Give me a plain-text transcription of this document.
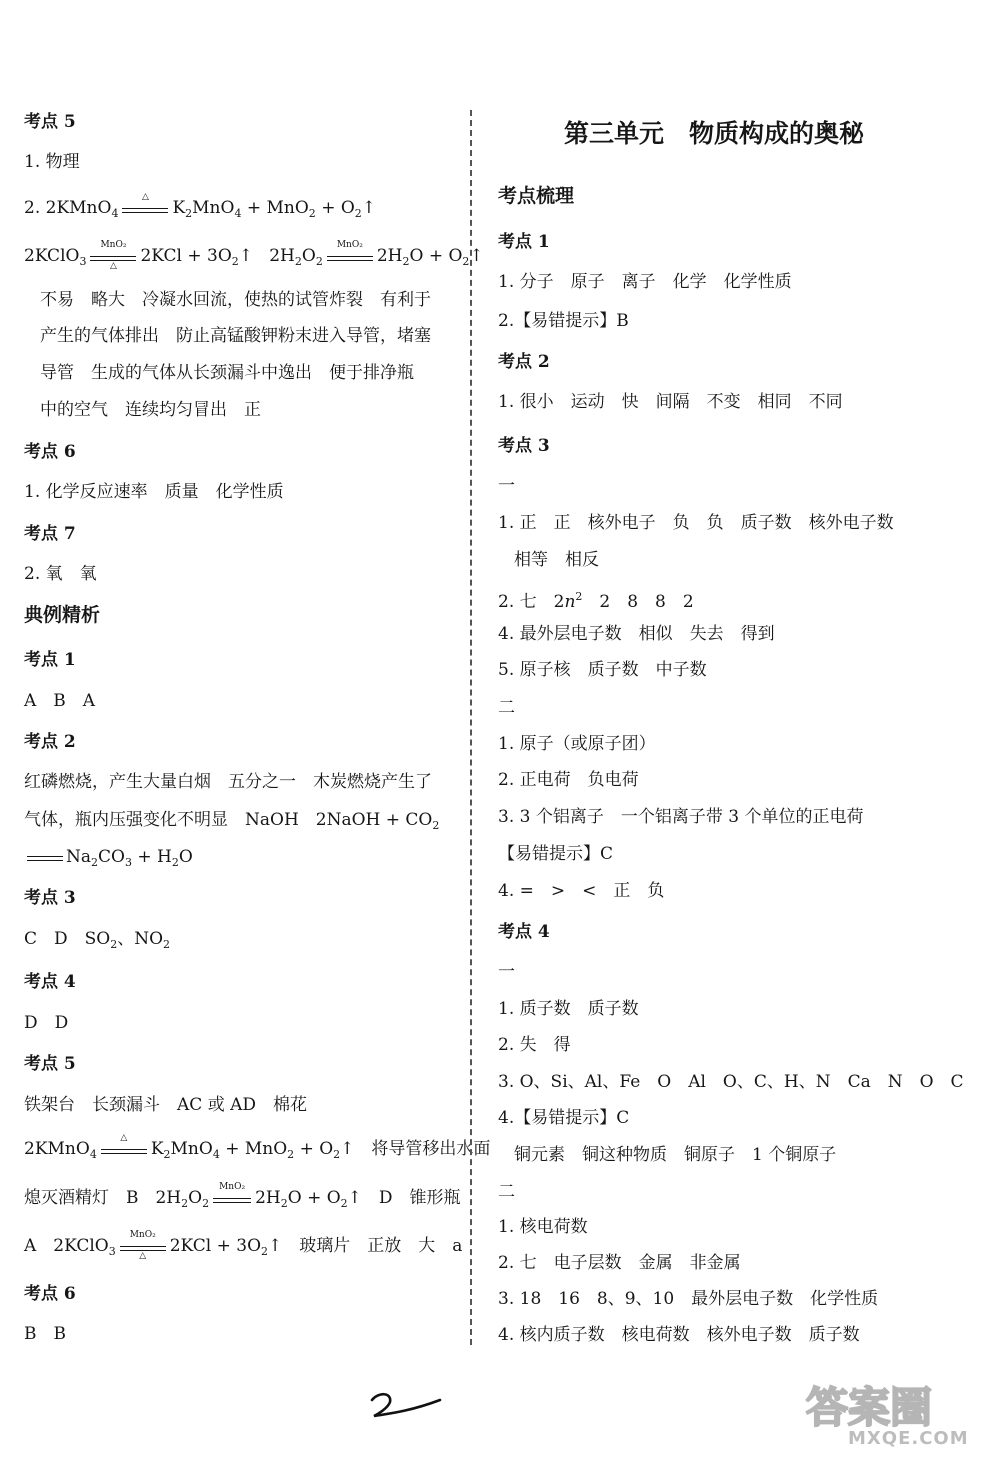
考点 5
1. 物理
2. 2KMnO$_4$
△
$K_2MnO_4 + MnO_2$ + $O_2↑$
2KClO$_3$
MnO₂
△	$2KCl + 3O_2↑$ $2H_2O_2$
MnO₂
$2H_2O$ + $O_2↑$
不易　略大　冷凝水回流，使热的试管炸裂　有利于
产生的气体排出　防止高锰酸钾粉末进入导管，堵塞
导管　生成的气体从长颈漏斗中逸出　便于排净瓶
中的空气　连续均匀冒出　正
考点 6
1. 化学反应速率　质量　化学性质
考点 7
2. 氧　氧
典例精析
考点 1
A　B　A
考点 2
红磷燃烧，产生大量白烟　五分之一　木炭燃烧产生了
气体，瓶内压强变化不明显　NaOH　2NaOH + $CO_2$
$Na_2CO_3 + H_2O$
考点 3
C　D　$SO_2$、$NO_2$
考点 4
D　D
考点 5
铁架台　长颈漏斗　AC 或 AD　棉花
2KMnO$_4$
△
$K_2MnO_4 + MnO_2$ + $O_2↑$　将导管移出水面
熄灭酒精灯　B　$2H_2O_2$
MnO₂
$2H_2O$ + $O_2↑$　D　锥形瓶
A　2KClO$_3$
MnO₂
△	$2KCl + 3O_2↑$　玻璃片　正放　大　a
考点 6
B　B
第三单元　物质构成的奥秘
考点梳理
考点 1
1. 分子　原子　离子　化学　化学性质
2.【易错提示】B
考点 2
1. 很小　运动　快　间隔　不变　相同　不同
考点 3
一
1. 正　正　核外电子　负　负　质子数　核外电子数
相等　相反
2. 七　$2n^2$　2　8　8　2
4. 最外层电子数　相似　失去　得到
5. 原子核　质子数　中子数
二
1. 原子（或原子团）
2. 正电荷　负电荷
3. 3 个铝离子　一个铝离子带 3 个单位的正电荷
【易错提示】C
4. =　>　<　正　负
考点 4
一
1. 质子数　质子数
2. 失　得
3. O、Si、Al、Fe　O　Al　O、C、H、N　Ca　N　O　C
4.【易错提示】C
铜元素　铜这种物质　铜原子　1 个铜原子
二
1. 核电荷数
2. 七　电子层数　金属　非金属
3. 18　16　8、9、10　最外层电子数　化学性质
4. 核内质子数　核电荷数　核外电子数　质子数
答案圈
MXQE.COM
